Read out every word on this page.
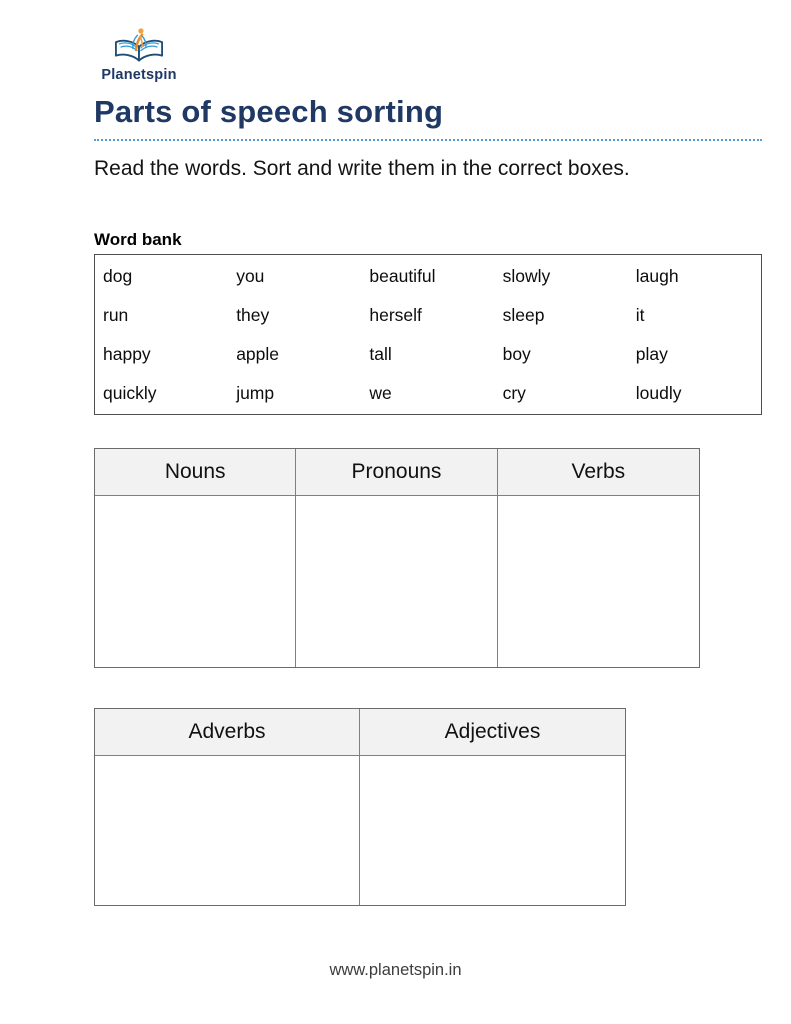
Planetspin
Parts of speech sorting

Read the words. Sort and write them in the correct boxes.

Word bank
dog	you	beautiful	slowly	laugh
run	they	herself	sleep	it
happy	apple	tall	boy	play
quickly	jump	we	cry	loudly
Nouns	Pronouns	Verbs
Adverbs	Adjectives
www.planetspin.in
